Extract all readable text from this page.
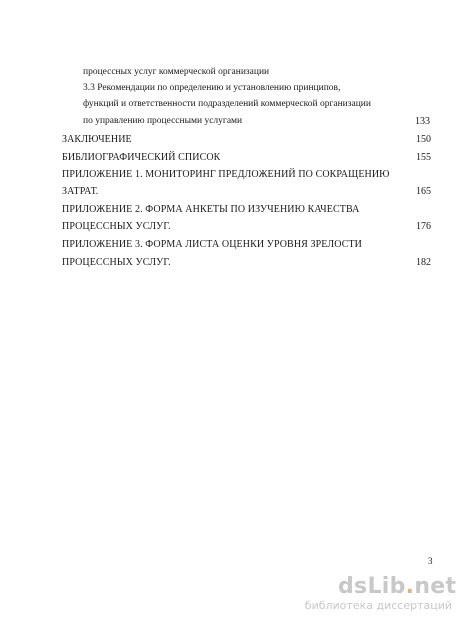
процессных услуг коммерческой организации
3.3 Рекомендации по определению и установлению принципов,
функций и ответственности подразделений коммерческой организации
по управлению процессными услугами	133
ЗАКЛЮЧЕНИЕ	150
БИБЛИОГРАФИЧЕСКИЙ СПИСОК	155
ПРИЛОЖЕНИЕ 1. МОНИТОРИНГ ПРЕДЛОЖЕНИЙ ПО СОКРАЩЕНИЮ
ЗАТРАТ.	165
ПРИЛОЖЕНИЕ 2. ФОРМА АНКЕТЫ ПО ИЗУЧЕНИЮ КАЧЕСТВА
ПРОЦЕССНЫХ УСЛУГ.	176
ПРИЛОЖЕНИЕ 3. ФОРМА ЛИСТА ОЦЕНКИ УРОВНЯ ЗРЕЛОСТИ
ПРОЦЕССНЫХ УСЛУГ.	182
3
dsLib.net
библиотека диссертаций
